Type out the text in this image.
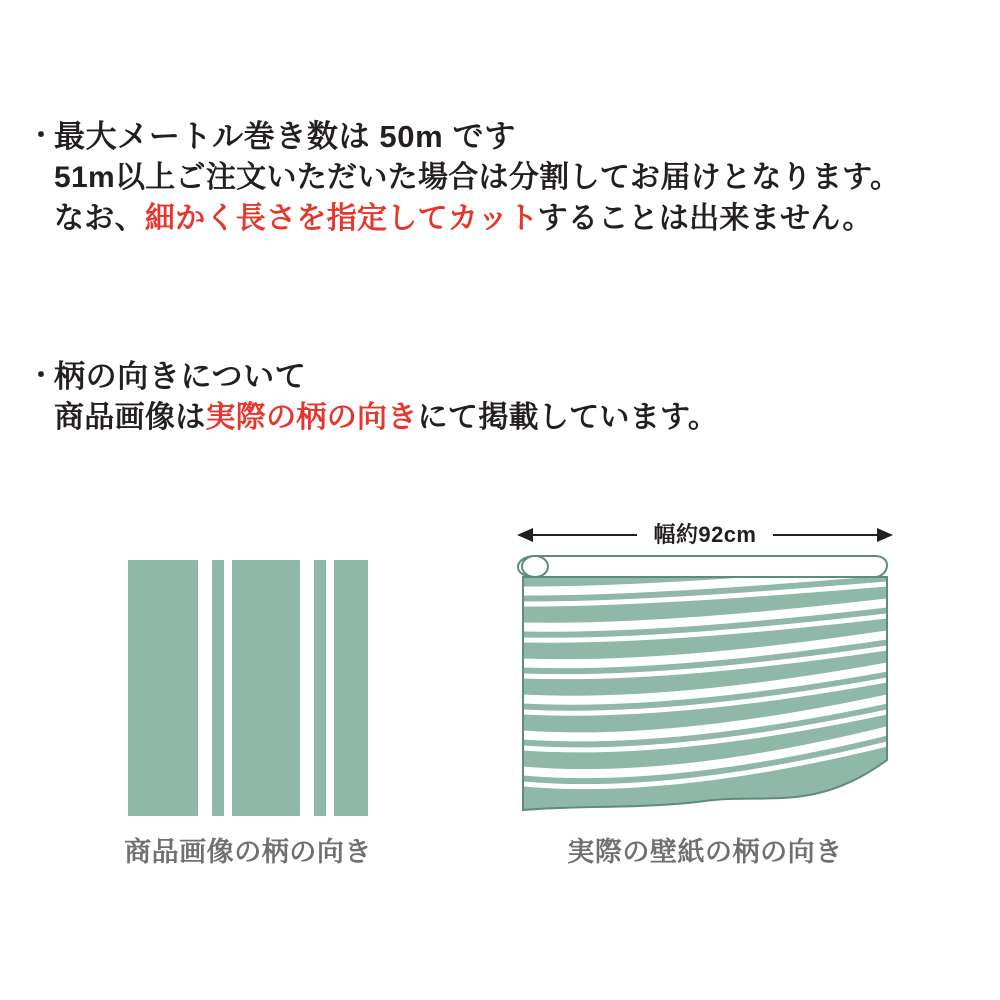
・ 最大メートル巻き数は 50m です
51m以上ご注文いただいた場合は分割してお届けとなります。
なお、細かく長さを指定してカットすることは出来ません。
・ 柄の向きについて
商品画像は実際の柄の向きにて掲載しています。
商品画像の柄の向き
幅約92cm
実際の壁紙の柄の向き
